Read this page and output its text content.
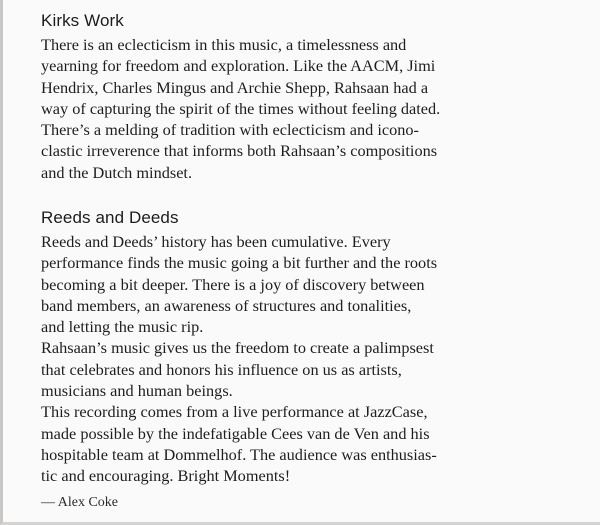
Kirks Work

There is an eclecticism in this music, a timelessness and

yearning for freedom and exploration. Like the AACM, Jimi

Hendrix, Charles Mingus and Archie Shepp, Rahsaan had a

way of capturing the spirit of the times without feeling dated.

There’s a melding of tradition with eclecticism and icono-

clastic irreverence that informs both Rahsaan’s compositions

and the Dutch mindset.

Reeds and Deeds

Reeds and Deeds’ history has been cumulative. Every

performance finds the music going a bit further and the roots

becoming a bit deeper. There is a joy of discovery between

band members, an awareness of structures and tonalities,

and letting the music rip.

Rahsaan’s music gives us the freedom to create a palimpsest

that celebrates and honors his influence on us as artists,

musicians and human beings.

This recording comes from a live performance at JazzCase,

made possible by the indefatigable Cees van de Ven and his

hospitable team at Dommelhof. The audience was enthusias-

tic and encouraging. Bright Moments!

— Alex Coke
